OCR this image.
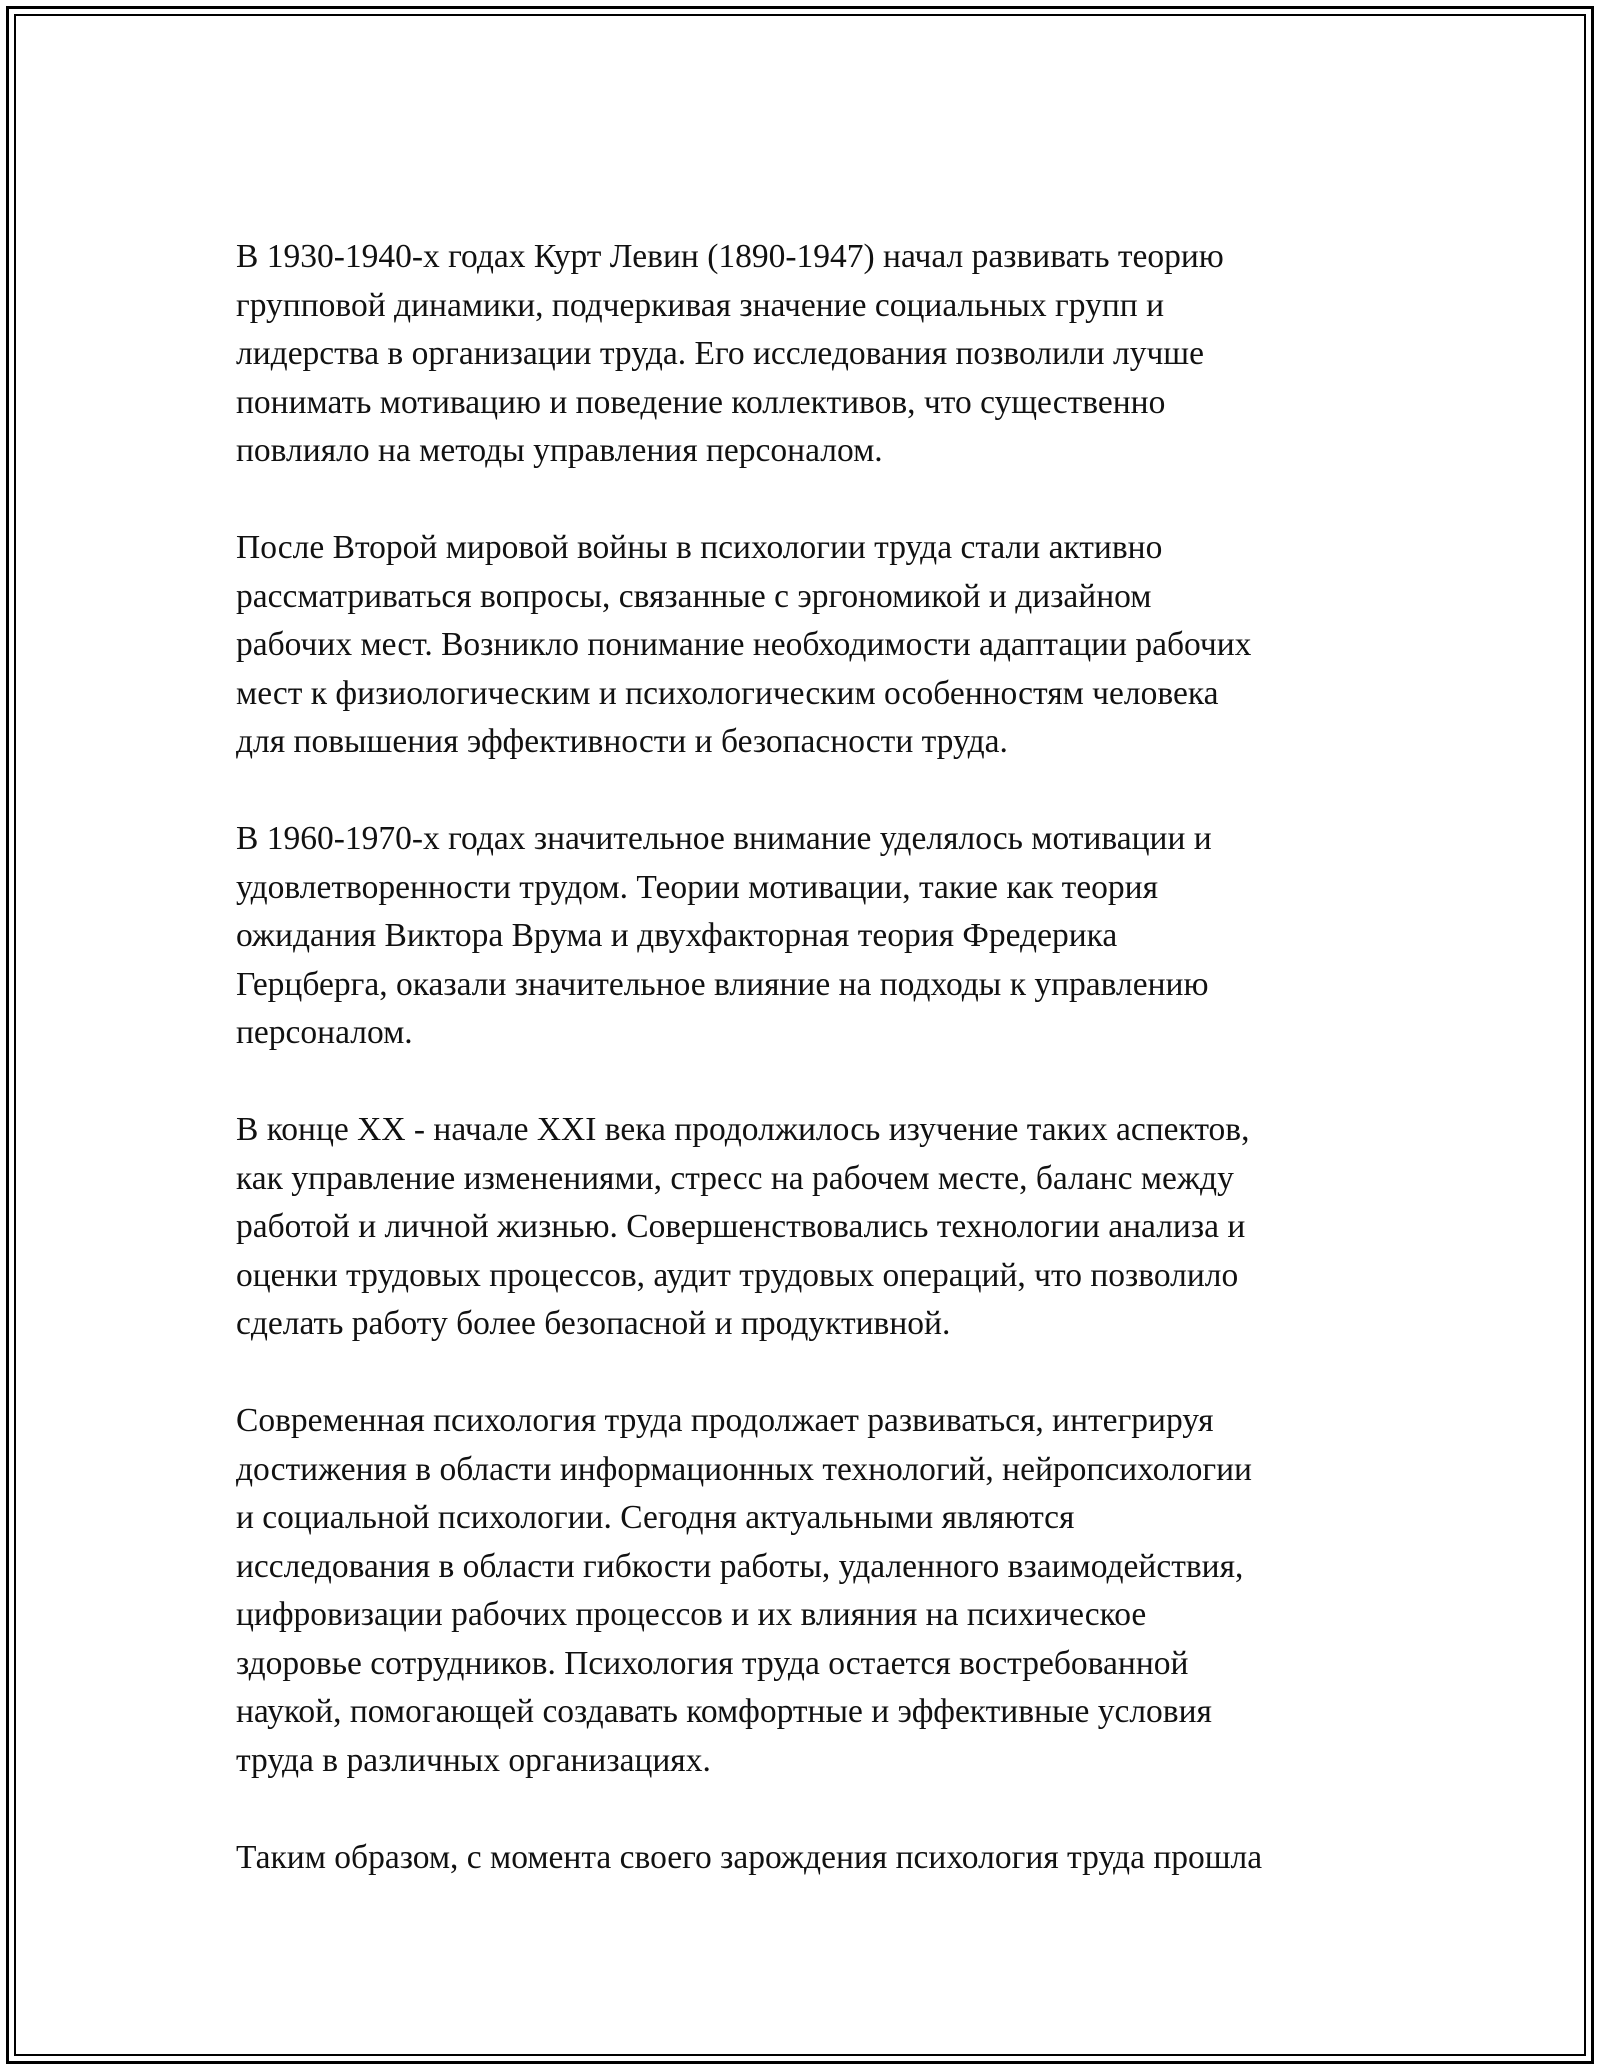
В 1930-1940-х годах Курт Левин (1890-1947) начал развивать теорию
групповой динамики, подчеркивая значение социальных групп и
лидерства в организации труда. Его исследования позволили лучше
понимать мотивацию и поведение коллективов, что существенно
повлияло на методы управления персоналом.

После Второй мировой войны в психологии труда стали активно
рассматриваться вопросы, связанные с эргономикой и дизайном
рабочих мест. Возникло понимание необходимости адаптации рабочих
мест к физиологическим и психологическим особенностям человека
для повышения эффективности и безопасности труда.

В 1960-1970-х годах значительное внимание уделялось мотивации и
удовлетворенности трудом. Теории мотивации, такие как теория
ожидания Виктора Врума и двухфакторная теория Фредерика
Герцберга, оказали значительное влияние на подходы к управлению
персоналом.

В конце XX - начале XXI века продолжилось изучение таких аспектов,
как управление изменениями, стресс на рабочем месте, баланс между
работой и личной жизнью. Совершенствовались технологии анализа и
оценки трудовых процессов, аудит трудовых операций, что позволило
сделать работу более безопасной и продуктивной.

Современная психология труда продолжает развиваться, интегрируя
достижения в области информационных технологий, нейропсихологии
и социальной психологии. Сегодня актуальными являются
исследования в области гибкости работы, удаленного взаимодействия,
цифровизации рабочих процессов и их влияния на психическое
здоровье сотрудников. Психология труда остается востребованной
наукой, помогающей создавать комфортные и эффективные условия
труда в различных организациях.

Таким образом, с момента своего зарождения психология труда прошла
